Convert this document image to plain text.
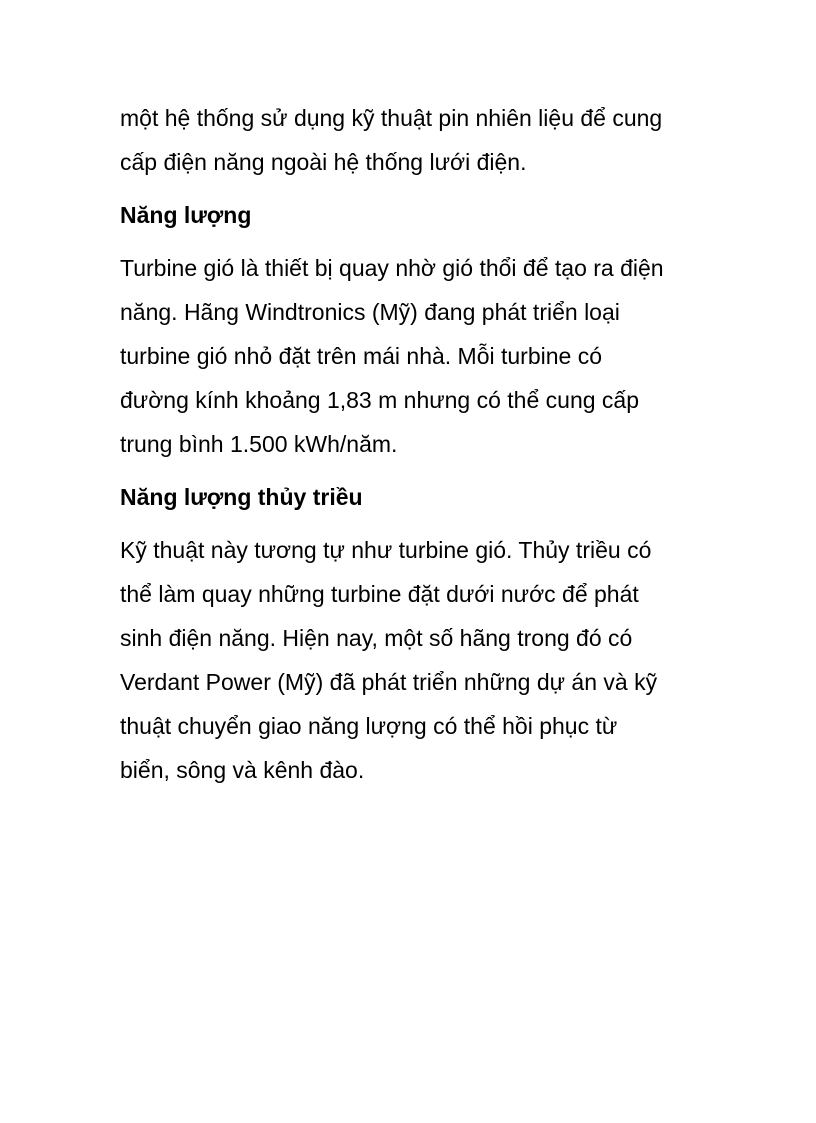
một hệ thống sử dụng kỹ thuật pin nhiên liệu để cung
cấp điện năng ngoài hệ thống lưới điện.
Năng lượng
Turbine gió là thiết bị quay nhờ gió thổi để tạo ra điện
năng. Hãng Windtronics (Mỹ) đang phát triển loại
turbine gió nhỏ đặt trên mái nhà. Mỗi turbine có
đường kính khoảng 1,83 m nhưng có thể cung cấp
trung bình 1.500 kWh/năm.
Năng lượng thủy triều
Kỹ thuật này tương tự như turbine gió. Thủy triều có
thể làm quay những turbine đặt dưới nước để phát
sinh điện năng. Hiện nay, một số hãng trong đó có
Verdant Power (Mỹ) đã phát triển những dự án và kỹ
thuật chuyển giao năng lượng có thể hồi phục từ
biển, sông và kênh đào.
